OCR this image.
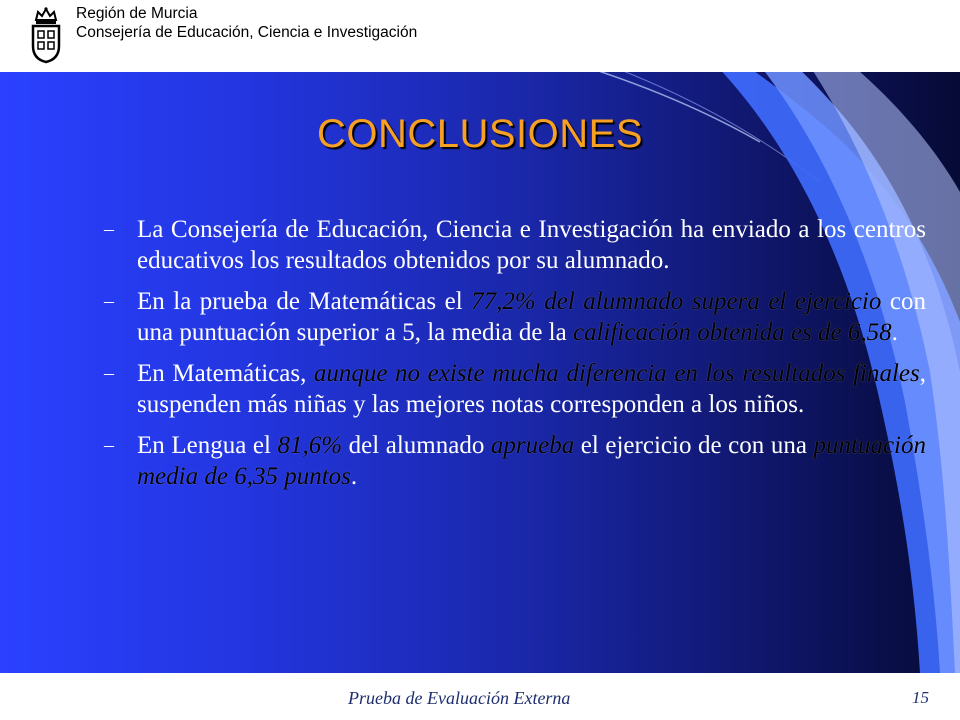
Región de Murcia
Consejería de Educación, Ciencia e Investigación
CONCLUSIONES
– La Consejería de Educación, Ciencia e Investigación ha enviado a los centros educativos los resultados obtenidos por su alumnado.
– En la prueba de Matemáticas el 77,2% del alumnado supera el ejercicio con una puntuación superior a 5, la media de la calificación obtenida es de 6,58.
– En Matemáticas, aunque no existe mucha diferencia en los resultados finales, suspenden más niñas y las mejores notas corresponden a los niños.
– En Lengua el 81,6% del alumnado aprueba el ejercicio de con una puntuación media de 6,35 puntos.
Prueba de Evaluación Externa	15
